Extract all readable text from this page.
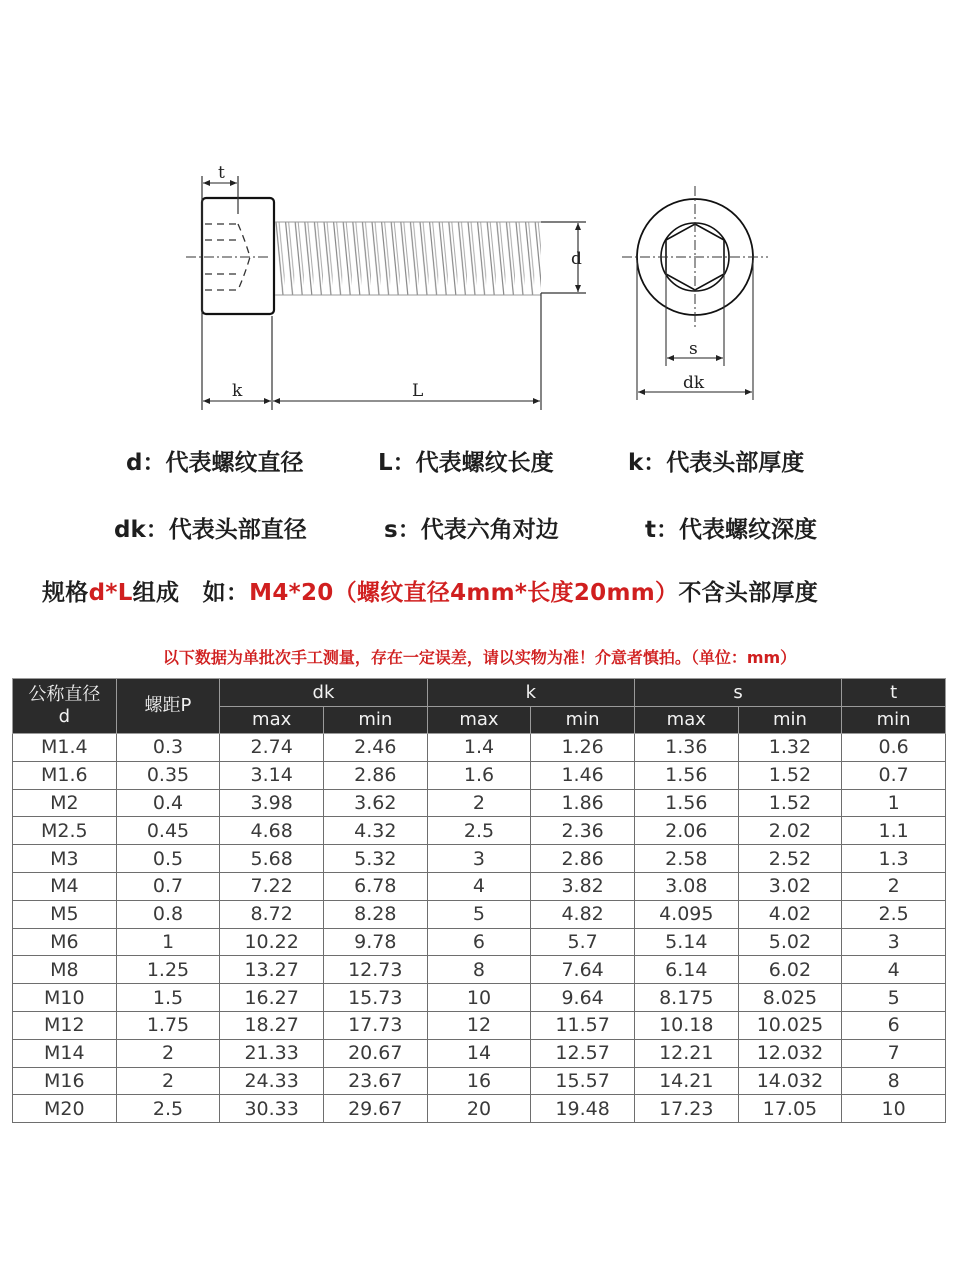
t
d
k	L
s
dk
d：代表螺纹直径	L：代表螺纹长度	k：代表头部厚度
dk：代表头部直径	s：代表六角对边	t：代表螺纹深度
规格d*L组成　如：M4*20（螺纹直径4mm*长度20mm）不含头部厚度
以下数据为单批次手工测量，存在一定误差，请以实物为准！介意者慎拍。（单位：mm）
公称直径
d	螺距P	dk		k		s		t
		max	min	max	min	max	min	min
M1.4	0.3	2.74	2.46	1.4	1.26	1.36	1.32	0.6
M1.6	0.35	3.14	2.86	1.6	1.46	1.56	1.52	0.7
M2	0.4	3.98	3.62	2	1.86	1.56	1.52	1
M2.5	0.45	4.68	4.32	2.5	2.36	2.06	2.02	1.1
M3	0.5	5.68	5.32	3	2.86	2.58	2.52	1.3
M4	0.7	7.22	6.78	4	3.82	3.08	3.02	2
M5	0.8	8.72	8.28	5	4.82	4.095	4.02	2.5
M6	1	10.22	9.78	6	5.7	5.14	5.02	3
M8	1.25	13.27	12.73	8	7.64	6.14	6.02	4
M10	1.5	16.27	15.73	10	9.64	8.175	8.025	5
M12	1.75	18.27	17.73	12	11.57	10.18	10.025	6
M14	2	21.33	20.67	14	12.57	12.21	12.032	7
M16	2	24.33	23.67	16	15.57	14.21	14.032	8
M20	2.5	30.33	29.67	20	19.48	17.23	17.05	10
